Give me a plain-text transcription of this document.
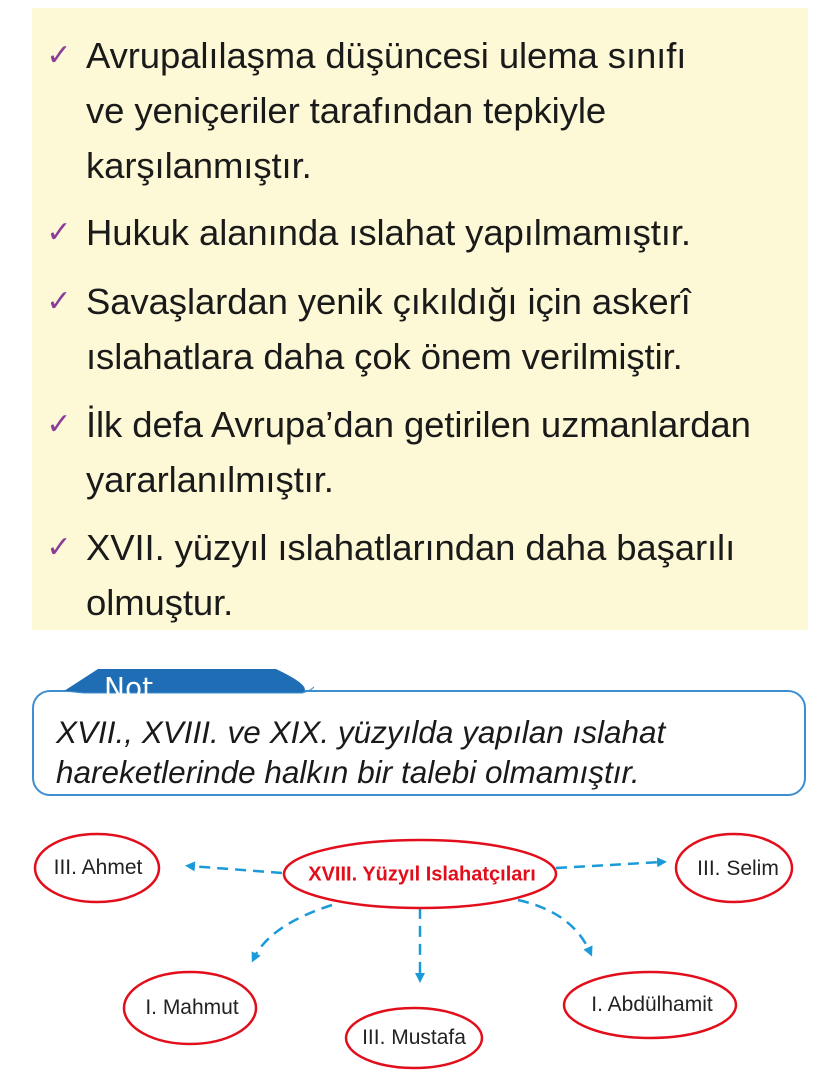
✓ Avrupalılaşma düşüncesi ulema sınıfı
ve yeniçeriler tarafından tepkiyle
karşılanmıştır.
✓ Hukuk alanında ıslahat yapılmamıştır.
✓ Savaşlardan yenik çıkıldığı için askerî
ıslahatlara daha çok önem verilmiştir.
✓ İlk defa Avrupa’dan getirilen uzmanlardan
yararlanılmıştır.
✓ XVII. yüzyıl ıslahatlarından daha başarılı
olmuştur.
Not
XVII., XVIII. ve XIX. yüzyılda yapılan ıslahat
hareketlerinde halkın bir talebi olmamıştır.
III. Ahmet	III. Selim
I. Mahmut
III. Mustafa
I. Abdülhamit
XVIII. Yüzyıl Islahatçıları
